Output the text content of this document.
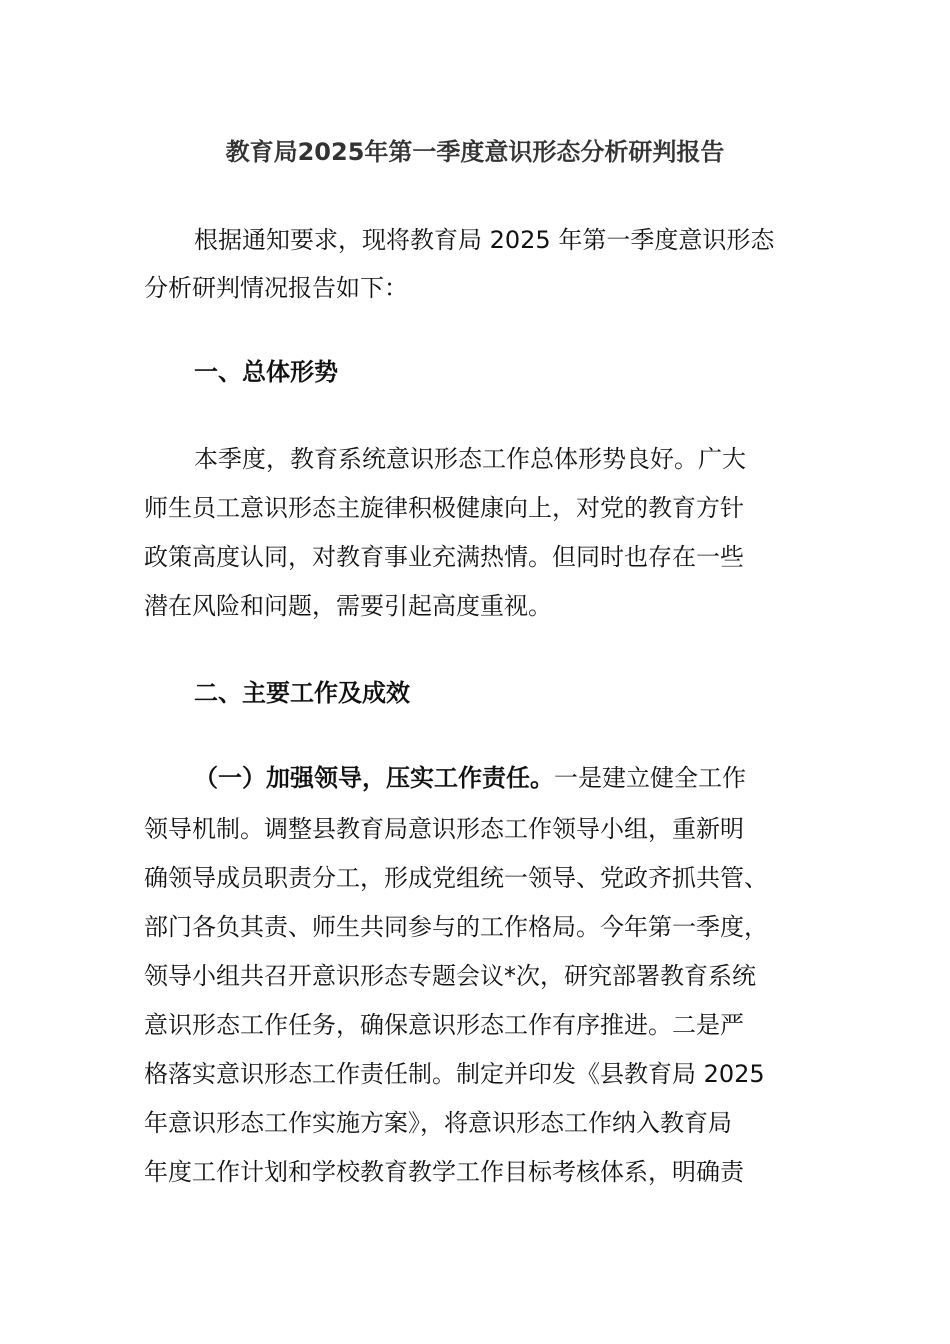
教育局2025年第一季度意识形态分析研判报告

根据通知要求，现将教育局 2025 年第一季度意识形态

分析研判情况报告如下：

一、总体形势

本季度，教育系统意识形态工作总体形势良好。广大

师生员工意识形态主旋律积极健康向上，对党的教育方针

政策高度认同，对教育事业充满热情。但同时也存在一些

潜在风险和问题，需要引起高度重视。

二、主要工作及成效

（一）加强领导，压实工作责任。一是建立健全工作

领导机制。调整县教育局意识形态工作领导小组，重新明

确领导成员职责分工，形成党组统一领导、党政齐抓共管、

部门各负其责、师生共同参与的工作格局。今年第一季度，

领导小组共召开意识形态专题会议*次，研究部署教育系统

意识形态工作任务，确保意识形态工作有序推进。二是严

格落实意识形态工作责任制。制定并印发《县教育局 2025

年意识形态工作实施方案》，将意识形态工作纳入教育局

年度工作计划和学校教育教学工作目标考核体系，明确责
